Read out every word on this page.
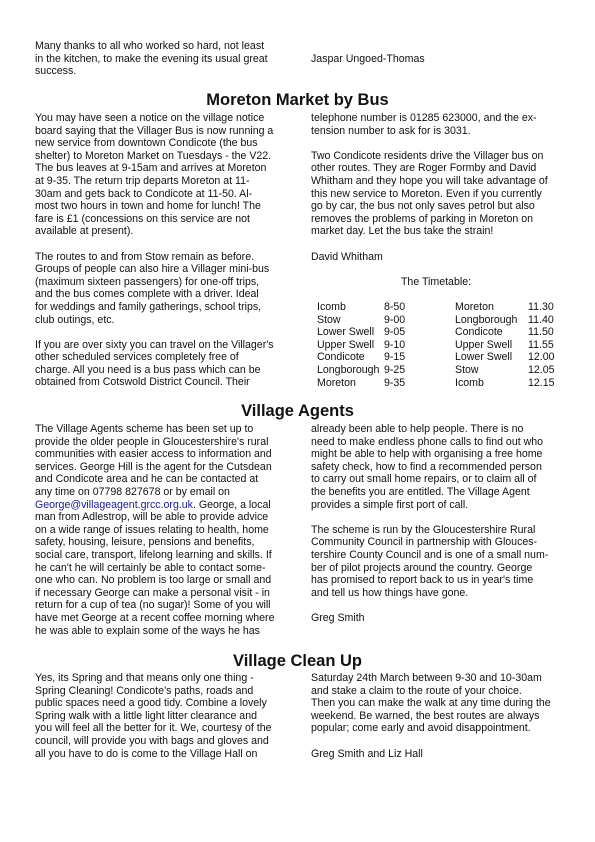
Many thanks to all who worked so hard, not least
in the kitchen, to make the evening its usual great
success.

Jaspar Ungoed-Thomas

Moreton Market by Bus

You may have seen a notice on the village notice
board saying that the Villager Bus is now running a
new service from downtown Condicote (the bus
shelter) to Moreton Market on Tuesdays - the V22.
The bus leaves at 9-15am and arrives at Moreton
at 9-35. The return trip departs Moreton at 11-
30am and gets back to Condicote at 11-50. Al-
most two hours in town and home for lunch! The
fare is £1 (concessions on this service are not
available at present).

The routes to and from Stow remain as before.
Groups of people can also hire a Villager mini-bus
(maximum sixteen passengers) for one-off trips,
and the bus comes complete with a driver. Ideal
for weddings and family gatherings, school trips,
club outings, etc.

If you are over sixty you can travel on the Villager's
other scheduled services completely free of
charge. All you need is a bus pass which can be
obtained from Cotswold District Council. Their

telephone number is 01285 623000, and the ex-
tension number to ask for is 3031.

Two Condicote residents drive the Villager bus on
other routes. They are Roger Formby and David
Whitham and they hope you will take advantage of
this new service to Moreton. Even if you currently
go by car, the bus not only saves petrol but also
removes the problems of parking in Moreton on
market day. Let the bus take the strain!

David Whitham

The Timetable:
Icomb	8-50
Stow	9-00
Lower Swell	9-05
Upper Swell	9-10
Condicote	9-15
Longborough	9-25
Moreton	9-35
Moreton	11.30
Longborough	11.40
Condicote	11.50
Upper Swell	11.55
Lower Swell	12.00
Stow	12.05
Icomb	12.15
Village Agents

The Village Agents scheme has been set up to
provide the older people in Gloucestershire's rural
communities with easier access to information and
services. George Hill is the agent for the Cutsdean
and Condicote area and he can be contacted at
any time on 07798 827678 or by email on
George@villageagent.grcc.org.uk. George, a local
man from Adlestrop, will be able to provide advice
on a wide range of issues relating to health, home
safety, housing, leisure, pensions and benefits,
social care, transport, lifelong learning and skills. If
he can't he will certainly be able to contact some-
one who can. No problem is too large or small and
if necessary George can make a personal visit - in
return for a cup of tea (no sugar)! Some of you will
have met George at a recent coffee morning where
he was able to explain some of the ways he has

already been able to help people. There is no
need to make endless phone calls to find out who
might be able to help with organising a free home
safety check, how to find a recommended person
to carry out small home repairs, or to claim all of
the benefits you are entitled. The Village Agent
provides a simple first port of call.

The scheme is run by the Gloucestershire Rural
Community Council in partnership with Glouces-
tershire County Council and is one of a small num-
ber of pilot projects around the country. George
has promised to report back to us in year's time
and tell us how things have gone.

Greg Smith

Village Clean Up

Yes, its Spring and that means only one thing -
Spring Cleaning! Condicote’s paths, roads and
public spaces need a good tidy. Combine a lovely
Spring walk with a little light litter clearance and
you will feel all the better for it. We, courtesy of the
council, will provide you with bags and gloves and
all you have to do is come to the Village Hall on

Saturday 24th March between 9-30 and 10-30am
and stake a claim to the route of your choice.
Then you can make the walk at any time during the
weekend. Be warned, the best routes are always
popular; come early and avoid disappointment.

Greg Smith and Liz Hall
